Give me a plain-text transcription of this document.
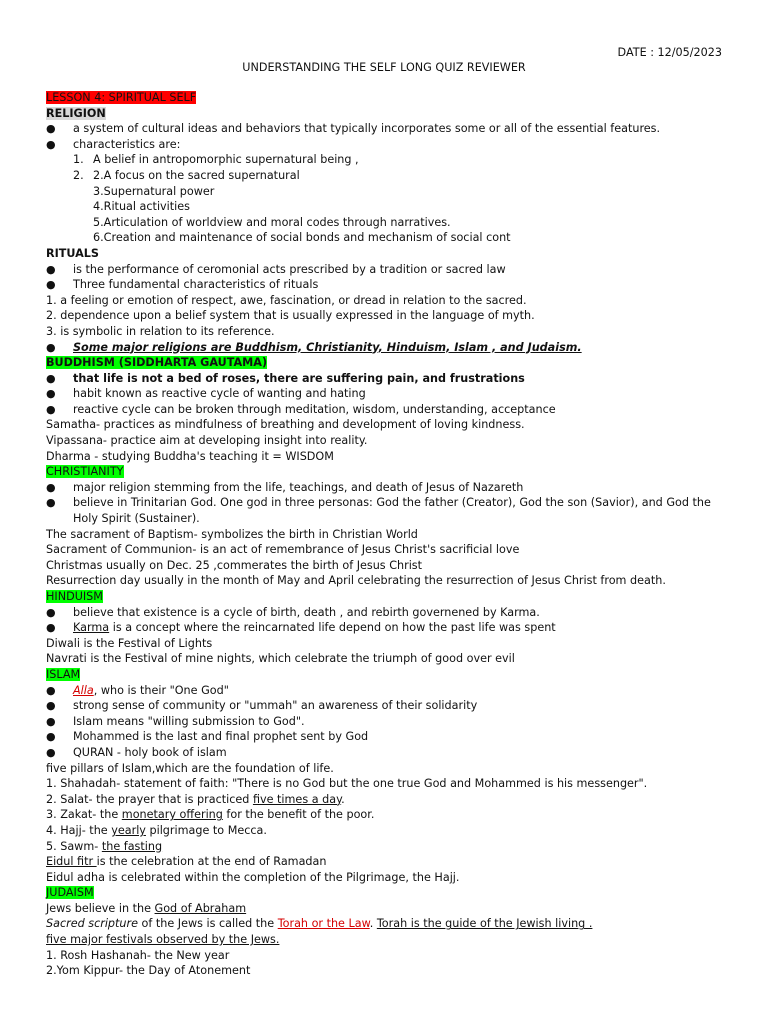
DATE : 12/05/2023
UNDERSTANDING THE SELF LONG QUIZ REVIEWER
LESSON 4: SPIRITUAL SELF
RELIGION
●	a system of cultural ideas and behaviors that typically incorporates some or all of the essential features.
●	characteristics are:
1. A belief in antropomorphic supernatural being ,
2. 2.A focus on the sacred supernatural
3.Supernatural power
4.Ritual activities
5.Articulation of worldview and moral codes through narratives.
6.Creation and maintenance of social bonds and mechanism of social cont
RITUALS
●	is the performance of ceromonial acts prescribed by a tradition or sacred law
●	Three fundamental characteristics of rituals
1. a feeling or emotion of respect, awe, fascination, or dread in relation to the sacred.
2. dependence upon a belief system that is usually expressed in the language of myth.
3. is symbolic in relation to its reference.
●	Some major religions are Buddhism, Christianity, Hinduism, Islam , and Judaism.
BUDDHISM (SIDDHARTA GAUTAMA)
●	that life is not a bed of roses, there are suffering pain, and frustrations
●	habit known as reactive cycle of wanting and hating
●	reactive cycle can be broken through meditation, wisdom, understanding, acceptance
Samatha- practices as mindfulness of breathing and development of loving kindness.
Vipassana- practice aim at developing insight into reality.
Dharma - studying Buddha's teaching it = WISDOM
CHRISTIANITY
●	major religion stemming from the life, teachings, and death of Jesus of Nazareth
●	believe in Trinitarian God. One god in three personas: God the father (Creator), God the son (Savior), and God the Holy Spirit (Sustainer).
The sacrament of Baptism- symbolizes the birth in Christian World
Sacrament of Communion- is an act of remembrance of Jesus Christ's sacrificial love
Christmas usually on Dec. 25 ,commerates the birth of Jesus Christ
Resurrection day usually in the month of May and April celebrating the resurrection of Jesus Christ from death.
HINDUISM
●	believe that existence is a cycle of birth, death , and rebirth governened by Karma.
●	Karma is a concept where the reincarnated life depend on how the past life was spent
Diwali is the Festival of Lights
Navrati is the Festival of mine nights, which celebrate the triumph of good over evil
ISLAM
●	Alla, who is their "One God"
●	strong sense of community or "ummah" an awareness of their solidarity
●	Islam means "willing submission to God".
●	Mohammed is the last and final prophet sent by God
●	QURAN - holy book of islam
five pillars of Islam,which are the foundation of life.
1. Shahadah- statement of faith: "There is no God but the one true God and Mohammed is his messenger".
2. Salat- the prayer that is practiced five times a day.
3. Zakat- the monetary offering for the benefit of the poor.
4. Hajj- the yearly pilgrimage to Mecca.
5. Sawm- the fasting
Eidul fitr is the celebration at the end of Ramadan
Eidul adha is celebrated within the completion of the Pilgrimage, the Hajj.
JUDAISM
Jews believe in the God of Abraham
Sacred scripture of the Jews is called the Torah or the Law. Torah is the guide of the Jewish living .
five major festivals observed by the Jews.
1. Rosh Hashanah- the New year
2.Yom Kippur- the Day of Atonement
